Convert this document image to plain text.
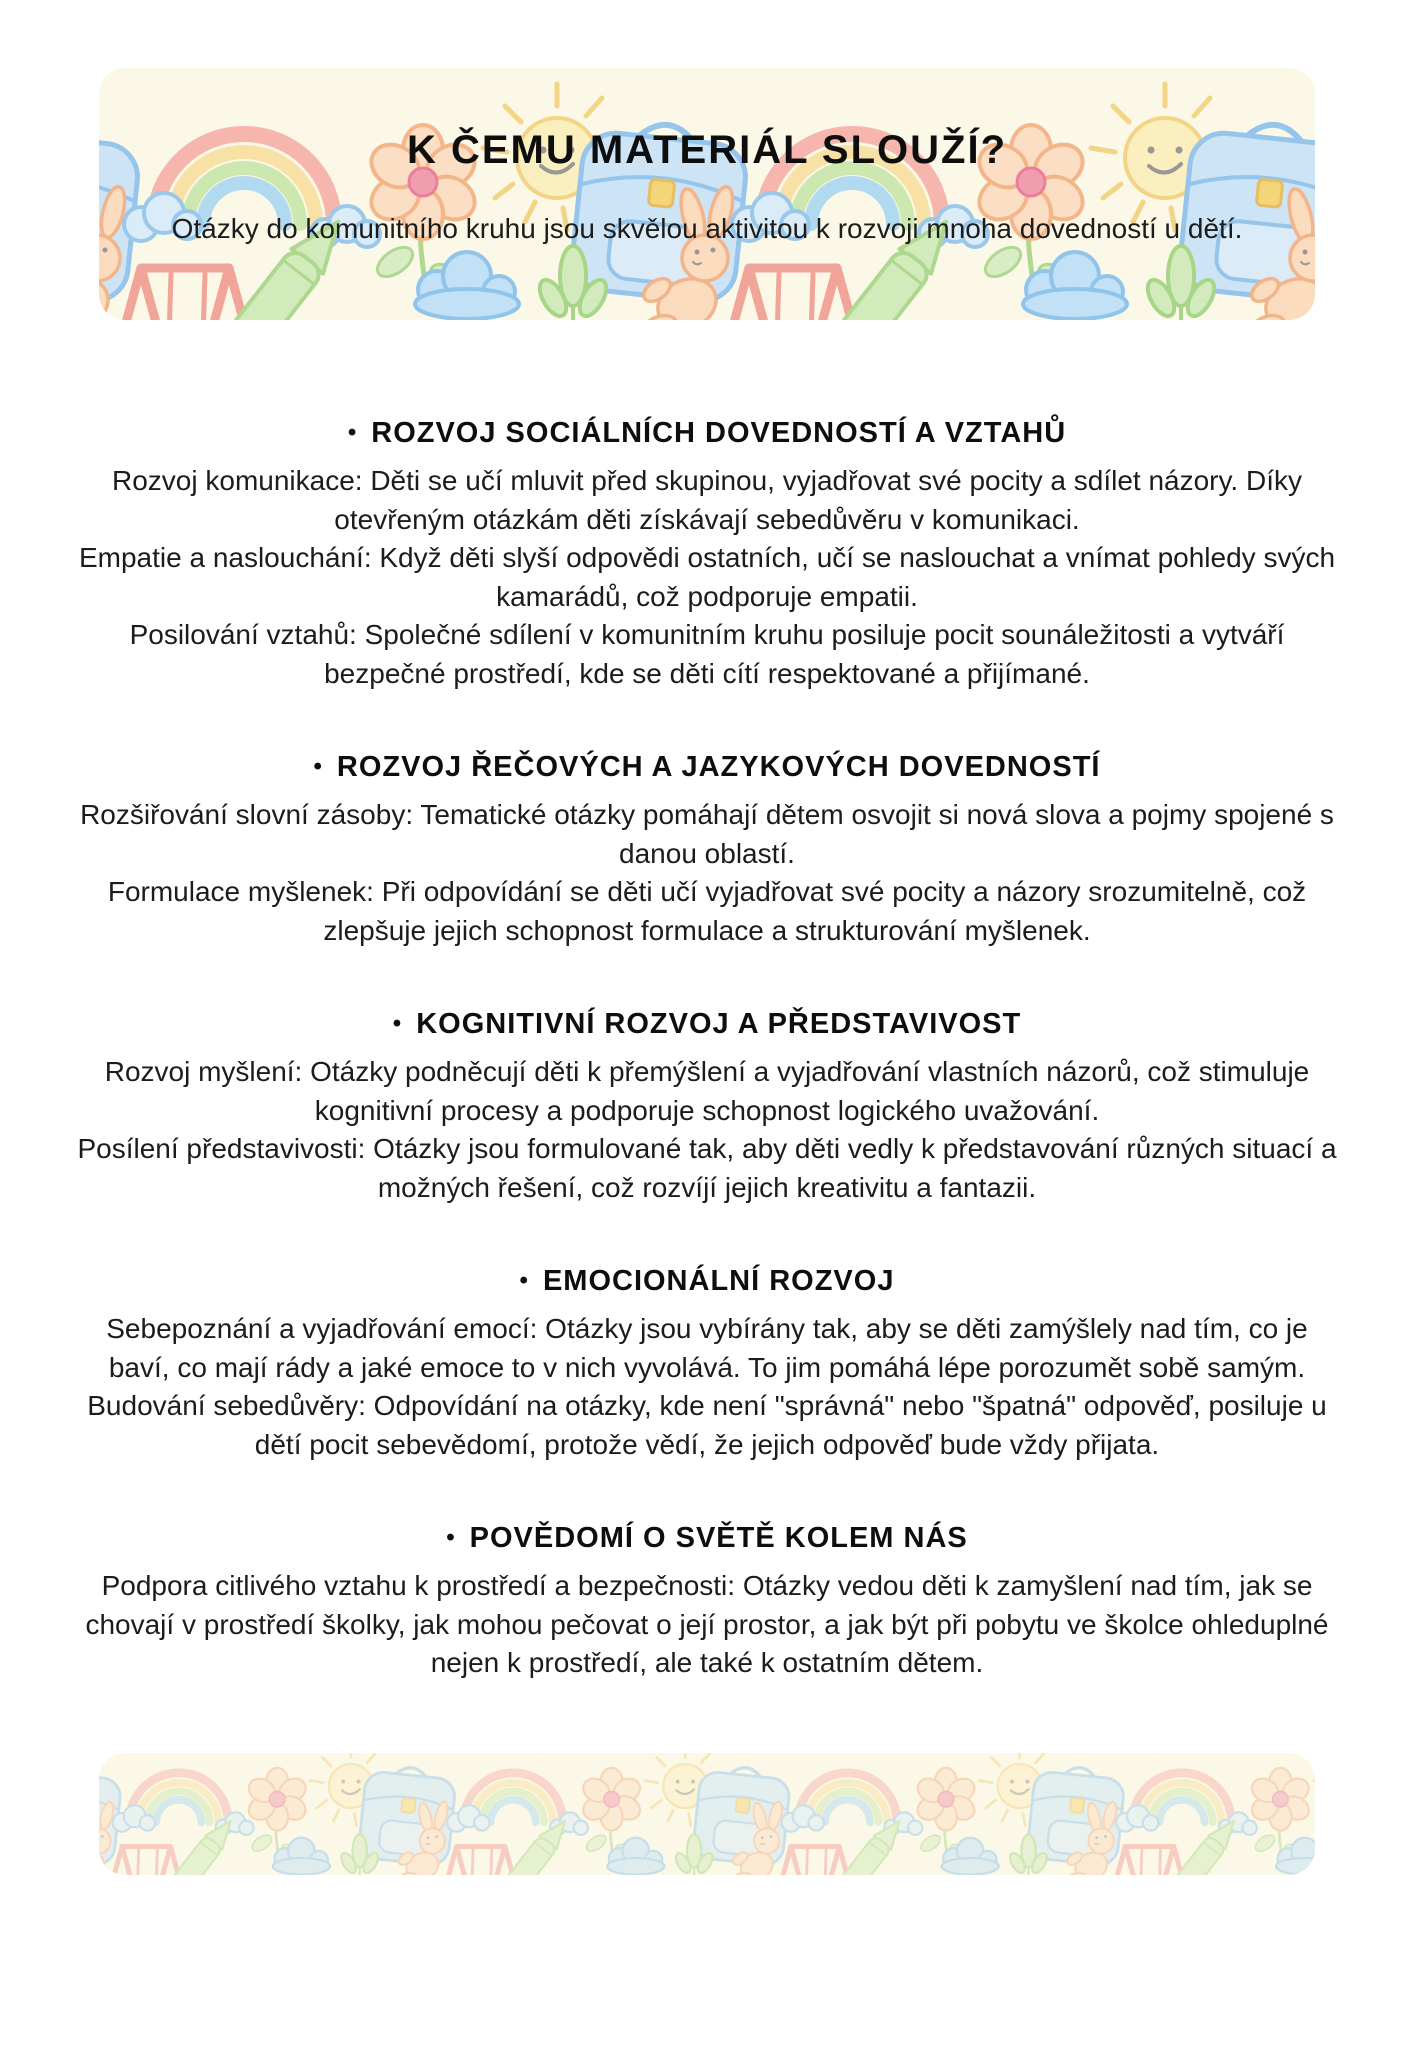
K ČEMU MATERIÁL SLOUŽÍ?

Otázky do komunitního kruhu jsou skvělou aktivitou k rozvoji mnoha dovedností u dětí.

• ROZVOJ SOCIÁLNÍCH DOVEDNOSTÍ A VZTAHŮ

Rozvoj komunikace: Děti se učí mluvit před skupinou, vyjadřovat své pocity a sdílet názory. Díky otevřeným otázkám děti získávají sebedůvěru v komunikaci.

Empatie a naslouchání: Když děti slyší odpovědi ostatních, učí se naslouchat a vnímat pohledy svých kamarádů, což podporuje empatii.

Posilování vztahů: Společné sdílení v komunitním kruhu posiluje pocit sounáležitosti a vytváří bezpečné prostředí, kde se děti cítí respektované a přijímané.

• ROZVOJ ŘEČOVÝCH A JAZYKOVÝCH DOVEDNOSTÍ

Rozšiřování slovní zásoby: Tematické otázky pomáhají dětem osvojit si nová slova a pojmy spojené s danou oblastí.

Formulace myšlenek: Při odpovídání se děti učí vyjadřovat své pocity a názory srozumitelně, což zlepšuje jejich schopnost formulace a strukturování myšlenek.

• KOGNITIVNÍ ROZVOJ A PŘEDSTAVIVOST

Rozvoj myšlení: Otázky podněcují děti k přemýšlení a vyjadřování vlastních názorů, což stimuluje kognitivní procesy a podporuje schopnost logického uvažování.

Posílení představivosti: Otázky jsou formulované tak, aby děti vedly k představování různých situací a možných řešení, což rozvíjí jejich kreativitu a fantazii.

• EMOCIONÁLNÍ ROZVOJ

Sebepoznání a vyjadřování emocí: Otázky jsou vybírány tak, aby se děti zamýšlely nad tím, co je baví, co mají rády a jaké emoce to v nich vyvolává. To jim pomáhá lépe porozumět sobě samým.

Budování sebedůvěry: Odpovídání na otázky, kde není "správná" nebo "špatná" odpověď, posiluje u dětí pocit sebevědomí, protože vědí, že jejich odpověď bude vždy přijata.

• POVĚDOMÍ O SVĚTĚ KOLEM NÁS

Podpora citlivého vztahu k prostředí a bezpečnosti: Otázky vedou děti k zamyšlení nad tím, jak se chovají v prostředí školky, jak mohou pečovat o její prostor, a jak být při pobytu ve školce ohleduplné nejen k prostředí, ale také k ostatním dětem.
